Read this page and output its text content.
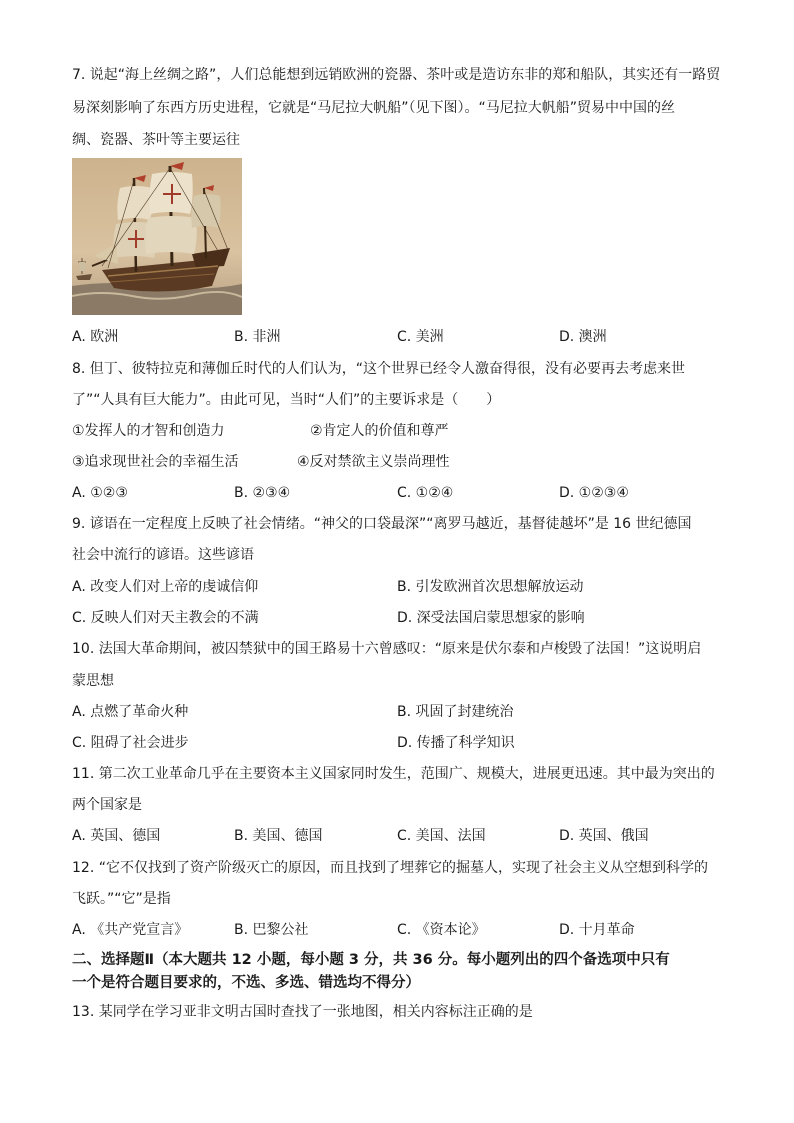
7. 说起“海上丝绸之路”，人们总能想到远销欧洲的瓷器、茶叶或是造访东非的郑和船队，其实还有一路贸
易深刻影响了东西方历史进程，它就是“马尼拉大帆船”（见下图）。“马尼拉大帆船”贸易中中国的丝
绸、瓷器、茶叶等主要运往
A. 欧洲	B. 非洲	C. 美洲	D. 澳洲
8. 但丁、彼特拉克和薄伽丘时代的人们认为，“这个世界已经令人激奋得很，没有必要再去考虑来世
了”“人具有巨大能力”。由此可见，当时“人们”的主要诉求是（　　）
①发挥人的才智和创造力	②肯定人的价值和尊严
③追求现世社会的幸福生活	④反对禁欲主义崇尚理性
A. ①②③	B. ②③④	C. ①②④	D. ①②③④
9. 谚语在一定程度上反映了社会情绪。“神父的口袋最深”“离罗马越近，基督徒越坏”是 16 世纪德国
社会中流行的谚语。这些谚语
A. 改变人们对上帝的虔诚信仰	B. 引发欧洲首次思想解放运动
C. 反映人们对天主教会的不满	D. 深受法国启蒙思想家的影响
10. 法国大革命期间，被囚禁狱中的国王路易十六曾感叹：“原来是伏尔泰和卢梭毁了法国！”这说明启
蒙思想
A. 点燃了革命火种	B. 巩固了封建统治
C. 阻碍了社会进步	D. 传播了科学知识
11. 第二次工业革命几乎在主要资本主义国家同时发生，范围广、规模大，进展更迅速。其中最为突出的
两个国家是
A. 英国、德国	B. 美国、德国	C. 美国、法国	D. 英国、俄国
12. “它不仅找到了资产阶级灭亡的原因，而且找到了埋葬它的掘墓人，实现了社会主义从空想到科学的
飞跃。”“它”是指
A. 《共产党宣言》	B. 巴黎公社	C. 《资本论》	D. 十月革命
二、选择题Ⅱ（本大题共 12 小题，每小题 3 分，共 36 分。每小题列出的四个备选项中只有
一个是符合题目要求的，不选、多选、错选均不得分）
13. 某同学在学习亚非文明古国时查找了一张地图，相关内容标注正确的是
